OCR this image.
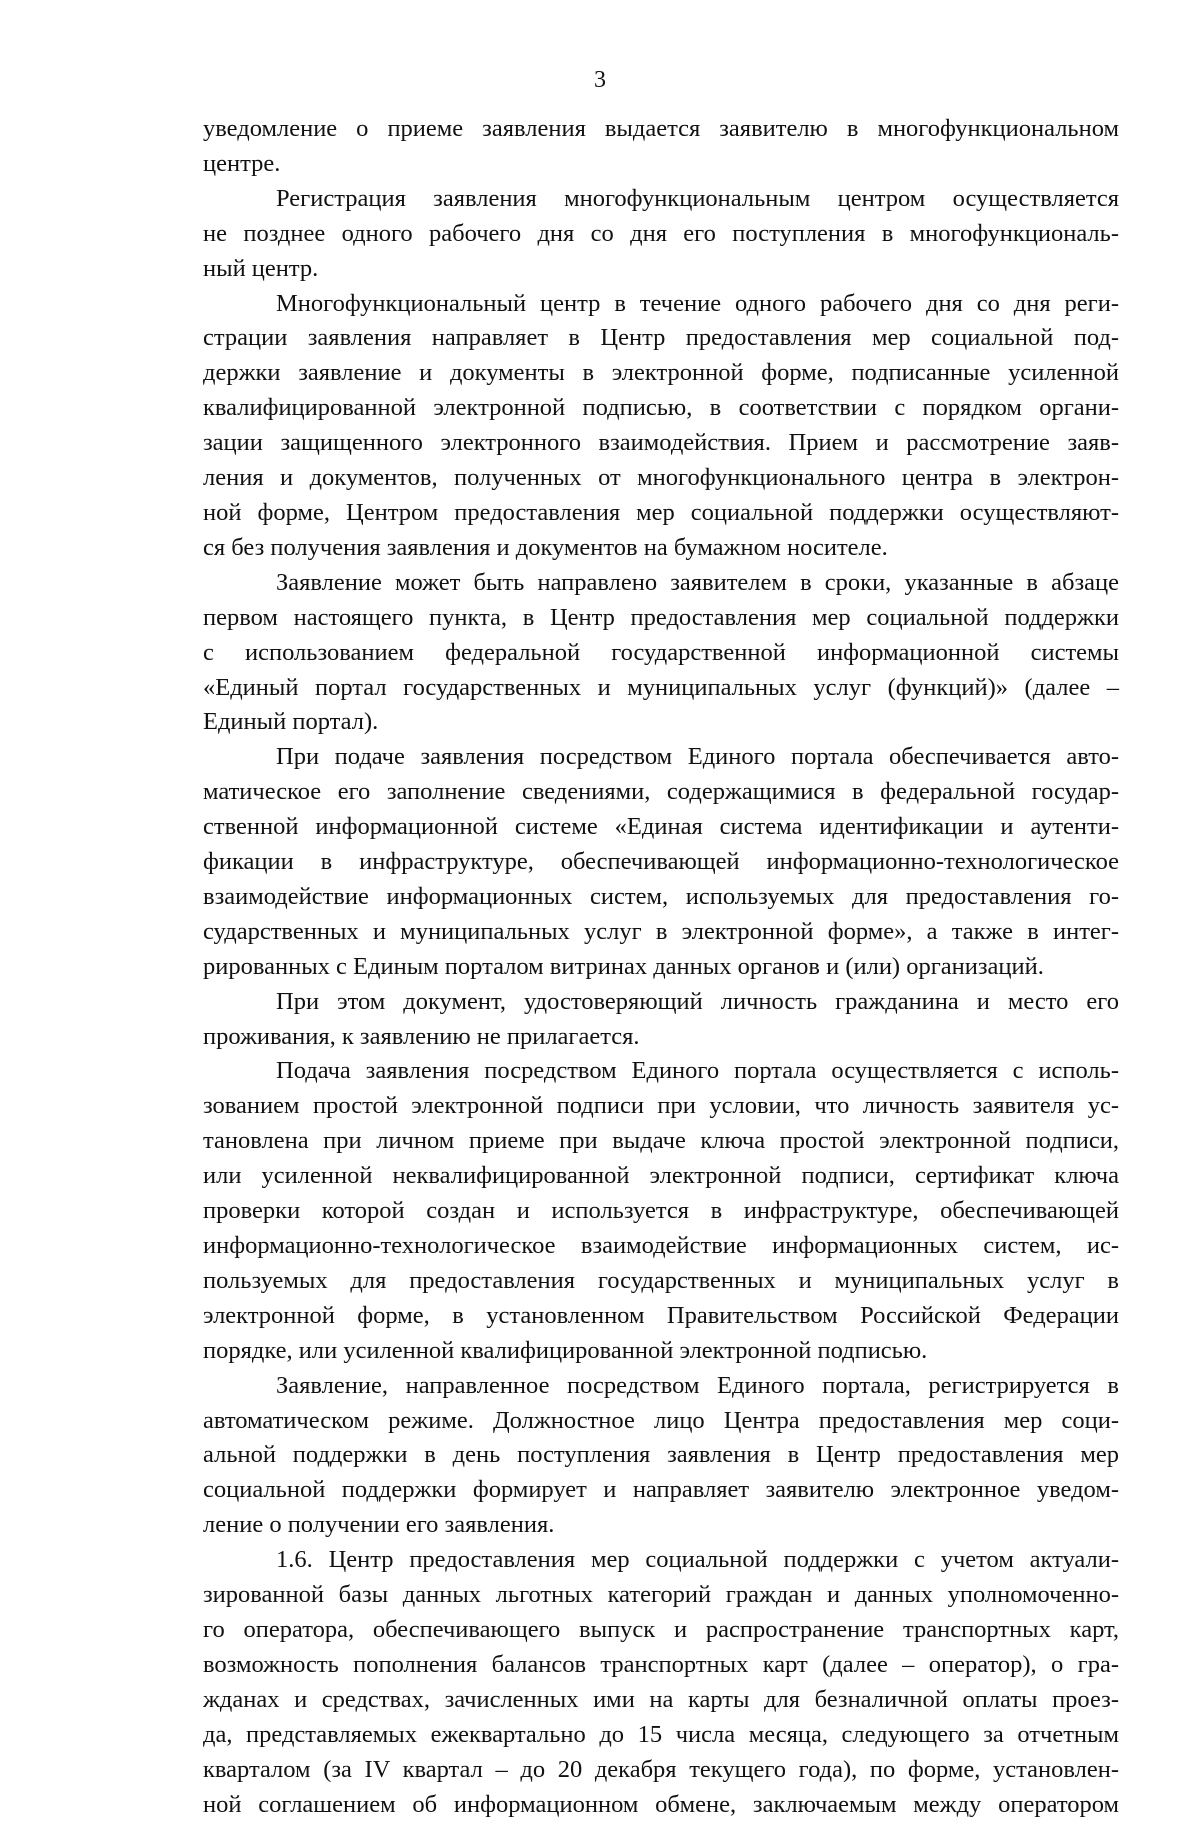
3

уведомление о приеме заявления выдается заявителю в многофункциональном
центре.

Регистрация заявления многофункциональным центром осуществляется
не позднее одного рабочего дня со дня его поступления в многофункциональ-
ный центр.

Многофункциональный центр в течение одного рабочего дня со дня реги-
страции заявления направляет в Центр предоставления мер социальной под-
держки заявление и документы в электронной форме, подписанные усиленной
квалифицированной электронной подписью, в соответствии с порядком органи-
зации защищенного электронного взаимодействия. Прием и рассмотрение заяв-
ления и документов, полученных от многофункционального центра в электрон-
ной форме, Центром предоставления мер социальной поддержки осуществляют-
ся без получения заявления и документов на бумажном носителе.

Заявление может быть направлено заявителем в сроки, указанные в абзаце
первом настоящего пункта, в Центр предоставления мер социальной поддержки
с использованием федеральной государственной информационной системы
«Единый портал государственных и муниципальных услуг (функций)» (далее –
Единый портал).

При подаче заявления посредством Единого портала обеспечивается авто-
матическое его заполнение сведениями, содержащимися в федеральной государ-
ственной информационной системе «Единая система идентификации и аутенти-
фикации в инфраструктуре, обеспечивающей информационно-технологическое
взаимодействие информационных систем, используемых для предоставления го-
сударственных и муниципальных услуг в электронной форме», а также в интег-
рированных с Единым порталом витринах данных органов и (или) организаций.

При этом документ, удостоверяющий личность гражданина и место его
проживания, к заявлению не прилагается.

Подача заявления посредством Единого портала осуществляется с исполь-
зованием простой электронной подписи при условии, что личность заявителя ус-
тановлена при личном приеме при выдаче ключа простой электронной подписи,
или усиленной неквалифицированной электронной подписи, сертификат ключа
проверки которой создан и используется в инфраструктуре, обеспечивающей
информационно-технологическое взаимодействие информационных систем, ис-
пользуемых для предоставления государственных и муниципальных услуг в
электронной форме, в установленном Правительством Российской Федерации
порядке, или усиленной квалифицированной электронной подписью.

Заявление, направленное посредством Единого портала, регистрируется в
автоматическом режиме. Должностное лицо Центра предоставления мер соци-
альной поддержки в день поступления заявления в Центр предоставления мер
социальной поддержки формирует и направляет заявителю электронное уведом-
ление о получении его заявления.

1.6. Центр предоставления мер социальной поддержки с учетом актуали-
зированной базы данных льготных категорий граждан и данных уполномоченно-
го оператора, обеспечивающего выпуск и распространение транспортных карт,
возможность пополнения балансов транспортных карт (далее – оператор), о гра-
жданах и средствах, зачисленных ими на карты для безналичной оплаты проез-
да, представляемых ежеквартально до 15 числа месяца, следующего за отчетным
кварталом (за IV квартал – до 20 декабря текущего года), по форме, установлен-
ной соглашением об информационном обмене, заключаемым между оператором
